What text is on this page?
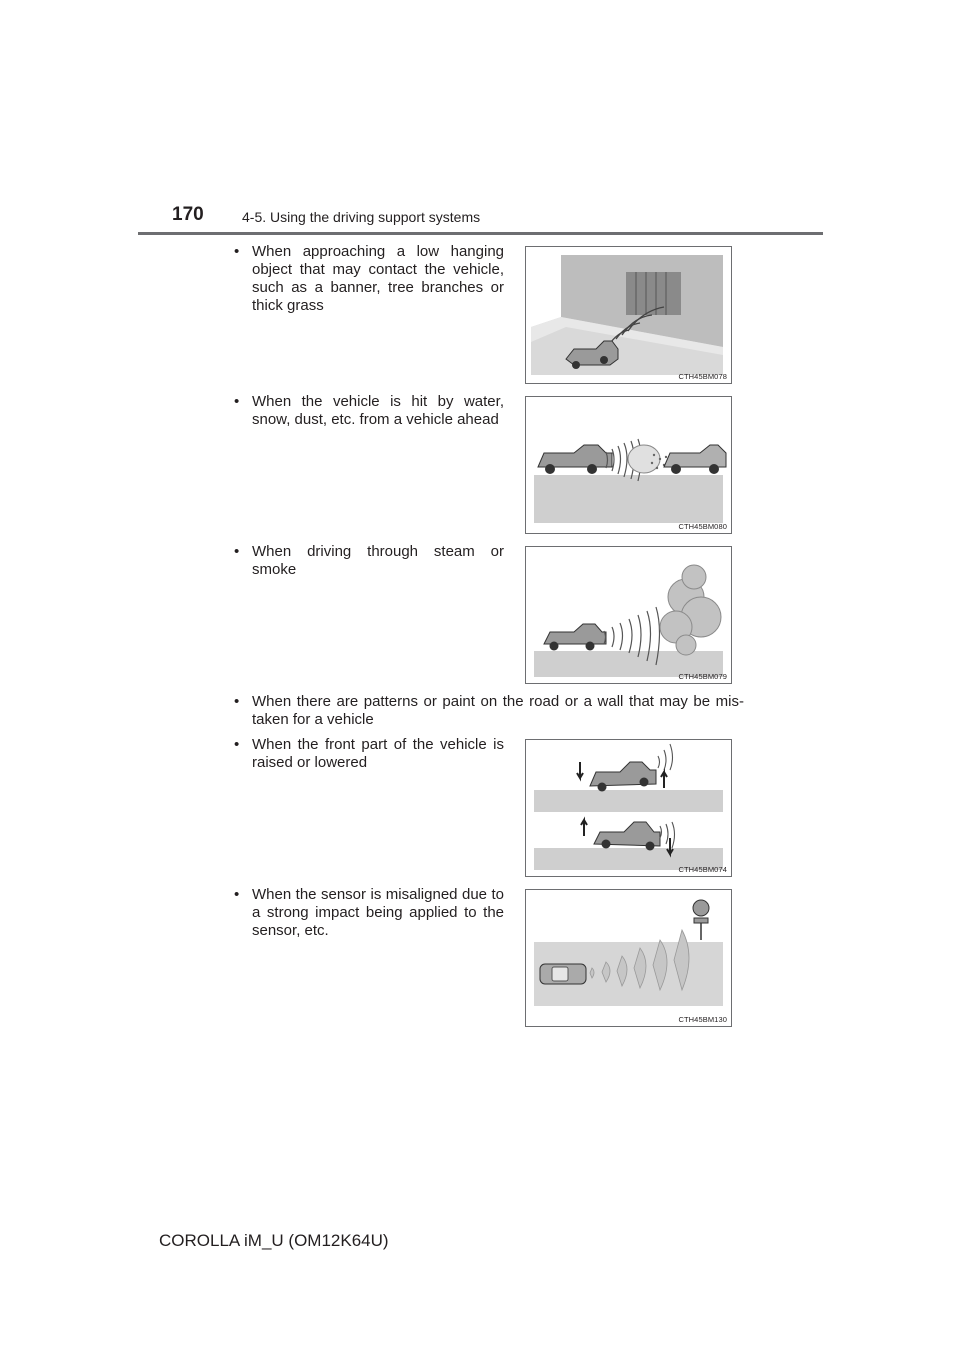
170	4-5. Using the driving support systems
• When approaching a low hanging object that may contact the vehicle, such as a banner, tree branches or thick grass
CTH45BM078
• When the vehicle is hit by water, snow, dust, etc. from a vehicle ahead
CTH45BM080
• When driving through steam or smoke
CTH45BM079
• When there are patterns or paint on the road or a wall that may be mis-taken for a vehicle
• When the front part of the vehicle is raised or lowered
CTH45BM074
• When the sensor is misaligned due to a strong impact being applied to the sensor, etc.
CTH45BM130
COROLLA iM_U (OM12K64U)
